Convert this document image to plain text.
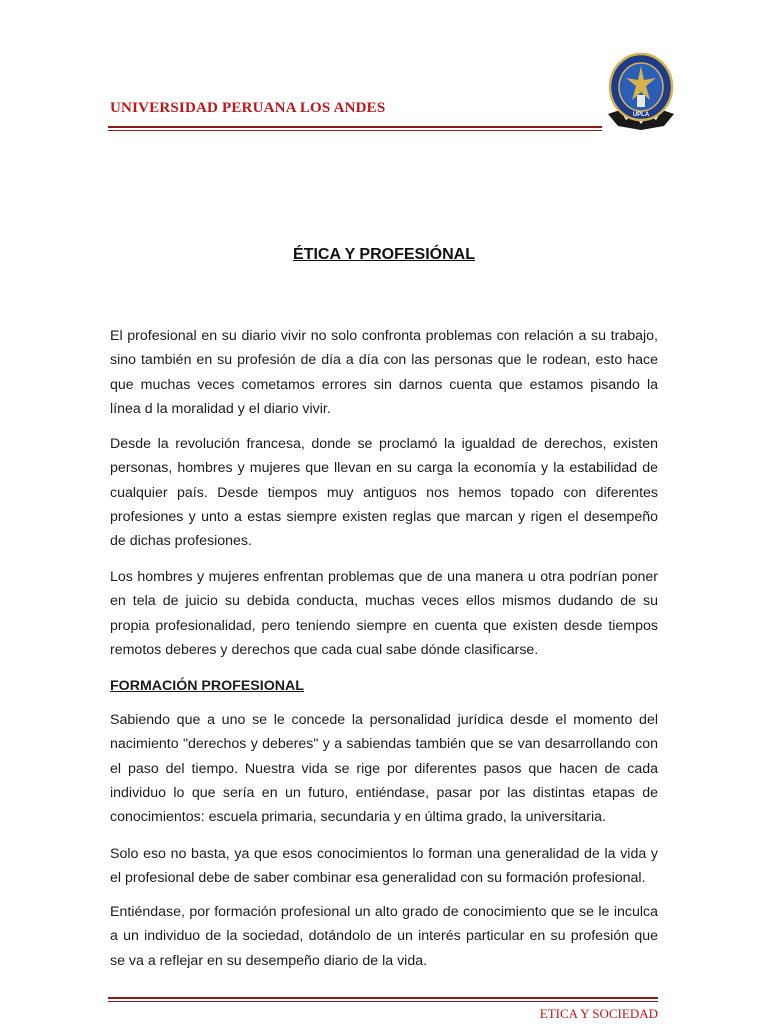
UNIVERSIDAD PERUANA LOS ANDES	UPLA
ÉTICA Y PROFESIÓNAL

El profesional en su diario vivir no solo confronta problemas con relación a su trabajo, sino también en su profesión de día a día con las personas que le rodean, esto hace que muchas veces cometamos errores sin darnos cuenta que estamos pisando la línea d la moralidad y el diario vivir.

Desde la revolución francesa, donde se proclamó la igualdad de derechos, existen personas, hombres y mujeres que llevan en su carga la economía y la estabilidad de cualquier país. Desde tiempos muy antiguos nos hemos topado con diferentes profesiones y unto a estas siempre existen reglas que marcan y rigen el desempeño de dichas profesiones.

Los hombres y mujeres enfrentan problemas que de una manera u otra podrían poner en tela de juicio su debida conducta, muchas veces ellos mismos dudando de su propia profesionalidad, pero teniendo siempre en cuenta que existen desde tiempos remotos deberes y derechos que cada cual sabe dónde clasificarse.

FORMACIÓN PROFESIONAL

Sabiendo que a uno se le concede la personalidad jurídica desde el momento del nacimiento "derechos y deberes" y a sabiendas también que se van desarrollando con el paso del tiempo. Nuestra vida se rige por diferentes pasos que hacen de cada individuo lo que sería en un futuro, entiéndase, pasar por las distintas etapas de conocimientos: escuela primaria, secundaria y en última grado, la universitaria.

Solo eso no basta, ya que esos conocimientos lo forman una generalidad de la vida y el profesional debe de saber combinar esa generalidad con su formación profesional.

Entiéndase, por formación profesional un alto grado de conocimiento que se le inculca a un individuo de la sociedad, dotándolo de un interés particular en su profesión que se va a reflejar en su desempeño diario de la vida.

ETICA Y SOCIEDAD
